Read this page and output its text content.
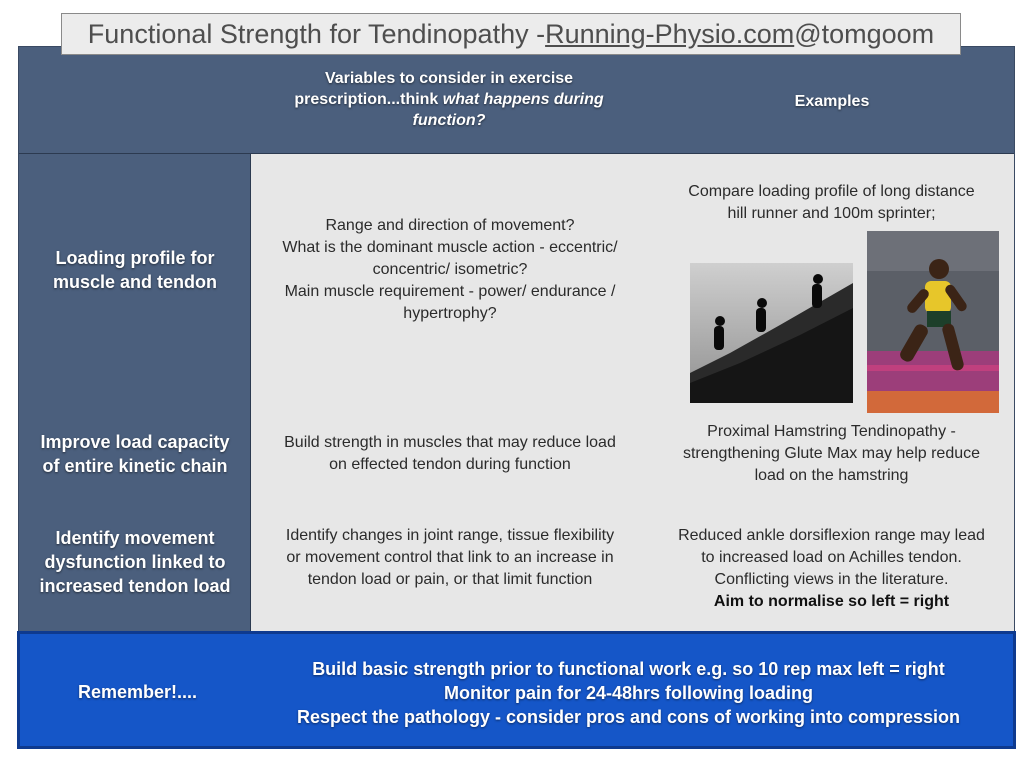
Functional Strength for Tendinopathy - Running-Physio.com @tomgoom
Variables to consider in exercise
prescription...think what happens during
function?
Examples
Loading profile for
muscle and tendon
Improve load capacity
of entire kinetic chain
Identify movement
dysfunction linked to
increased tendon load
Range and direction of movement?
What is the dominant muscle action - eccentric/
concentric/ isometric?
Main muscle requirement - power/ endurance /
hypertrophy?
Compare loading profile of long distance
hill runner and 100m sprinter;
Build strength in muscles that may reduce load
on effected tendon during function
Proximal Hamstring Tendinopathy -
strengthening Glute Max may help reduce
load on the hamstring
Identify changes in joint range, tissue flexibility
or movement control that link to an increase in
tendon load or pain, or that limit function
Reduced ankle dorsiflexion range may lead
to increased load on Achilles tendon.
Conflicting views in the literature.
Aim to normalise so left = right
Remember!....
Build basic strength prior to functional work e.g. so 10 rep max left = right
Monitor pain for 24-48hrs following loading
Respect the pathology - consider pros and cons of working into compression
